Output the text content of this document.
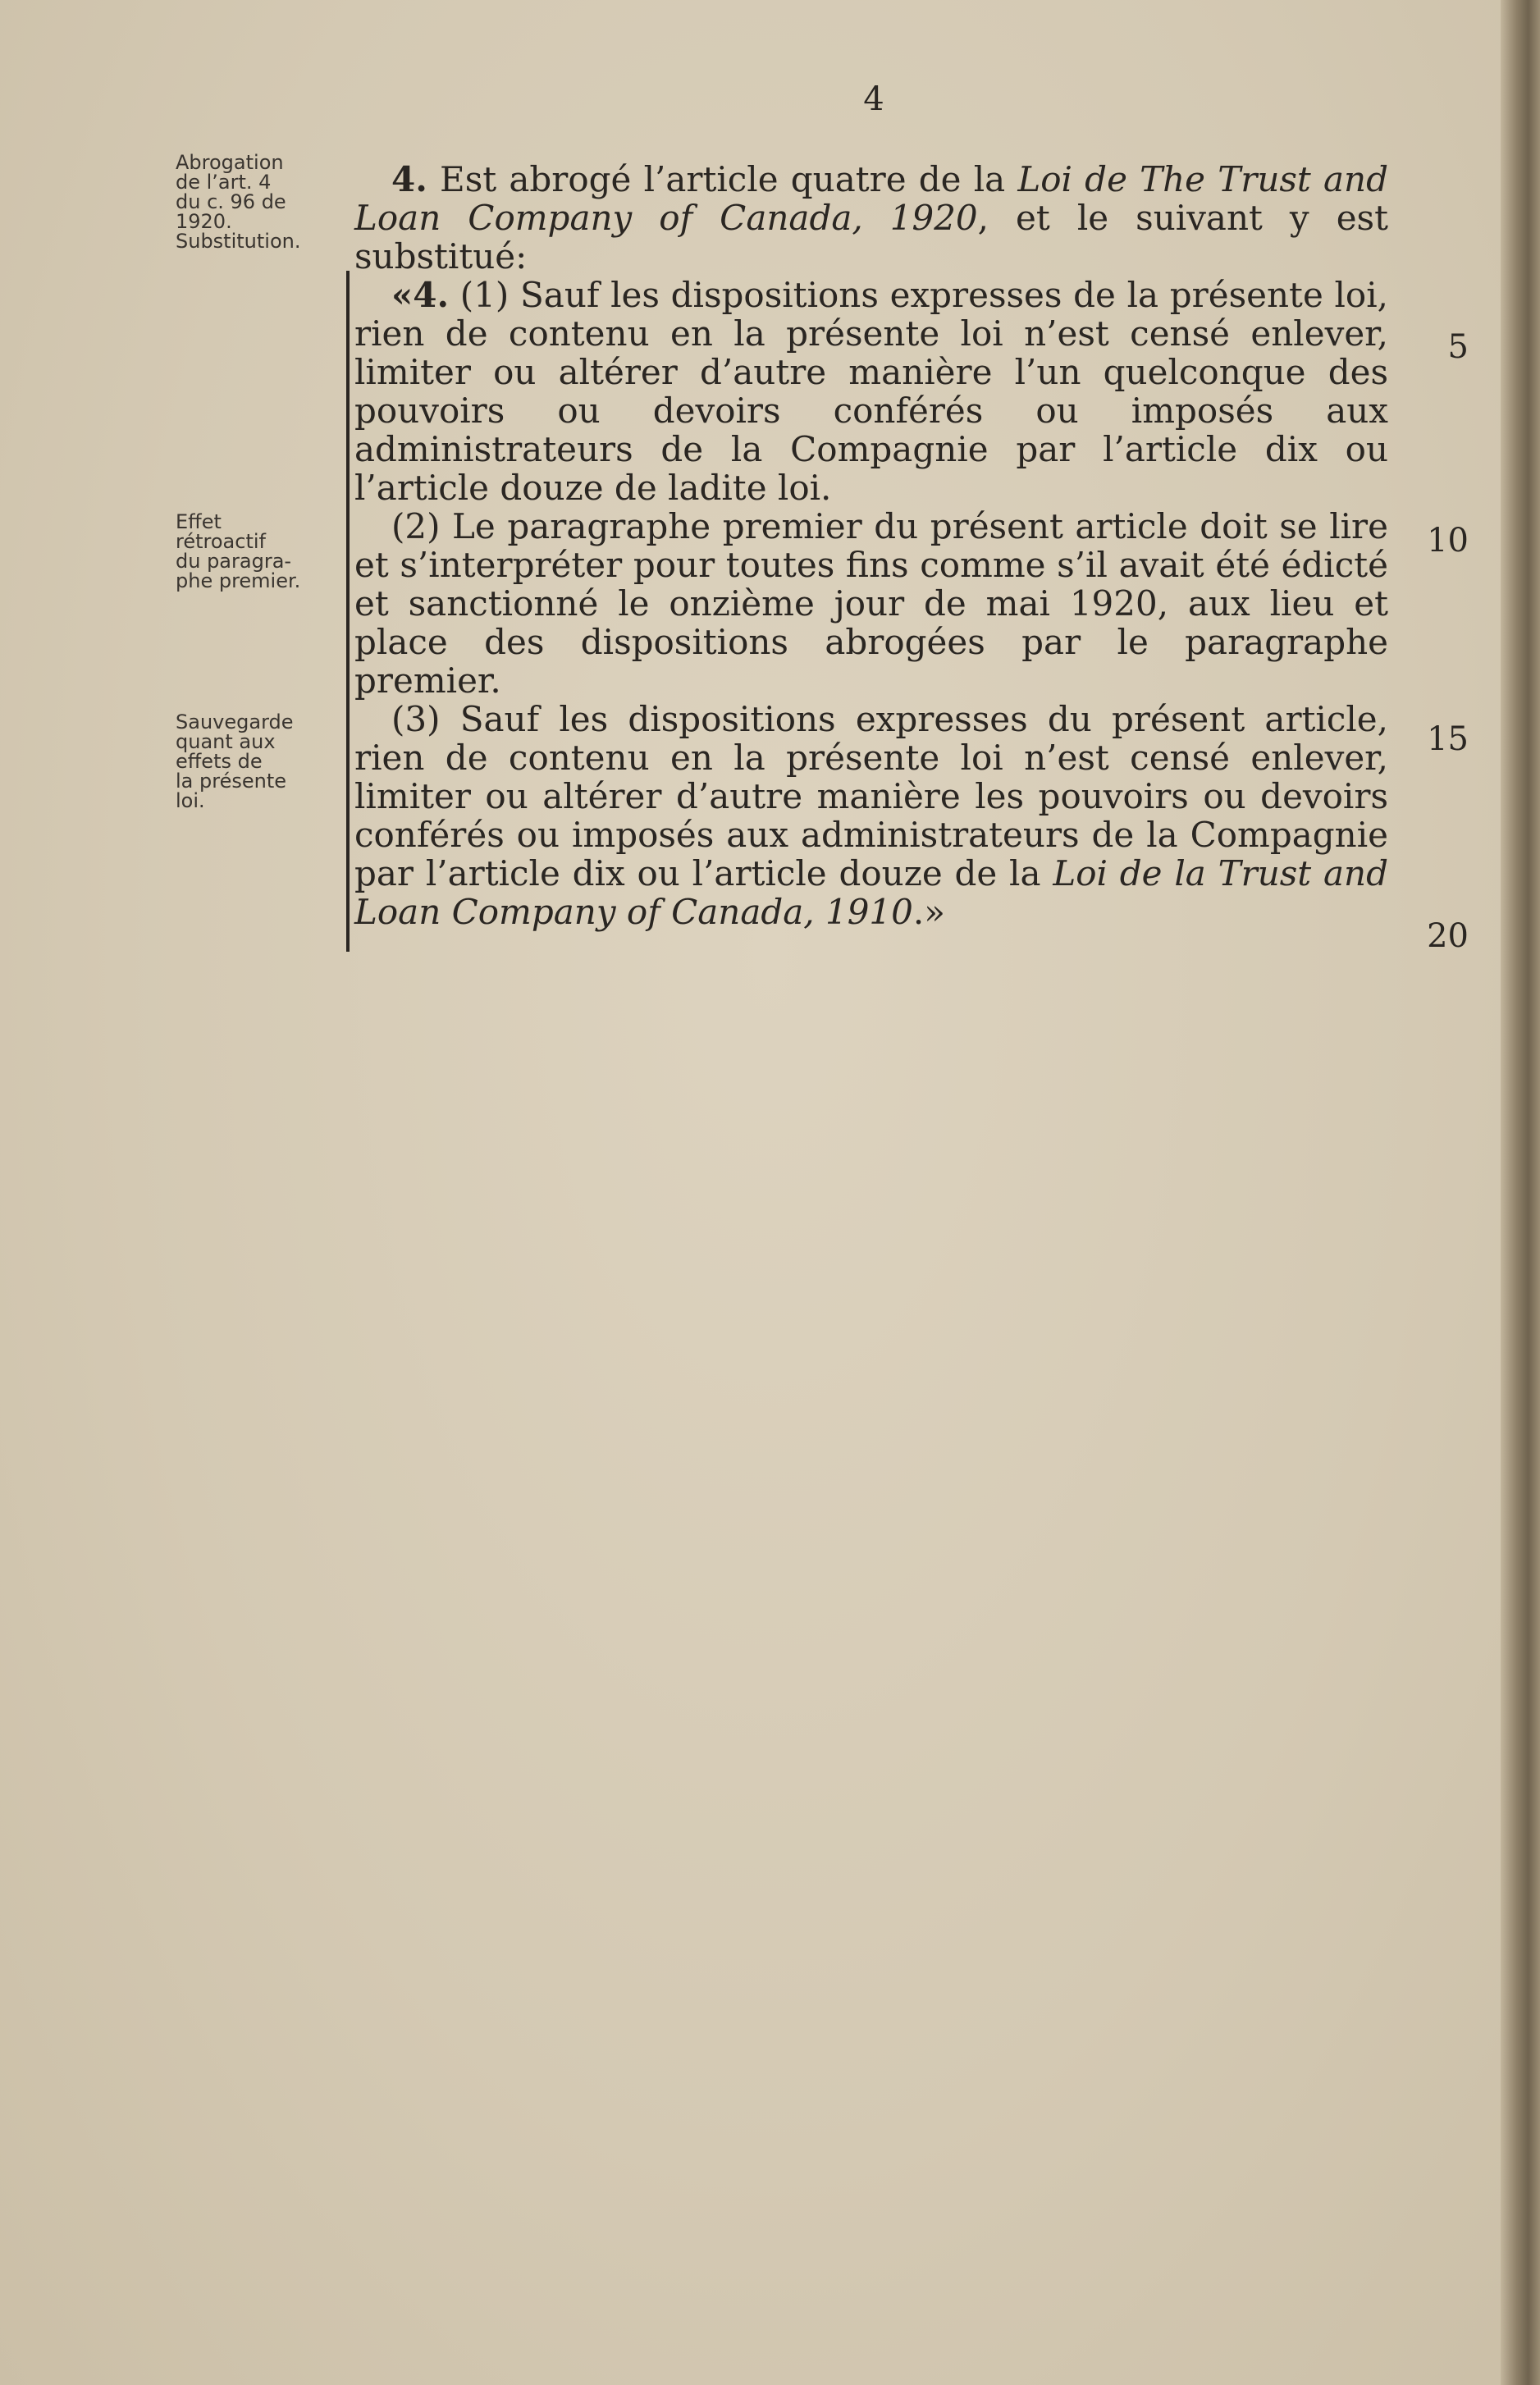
4
Abrogation
de l’art. 4
du c. 96 de
1920.
Substitution.
Effet
rétroactif
du paragra-
phe premier.
Sauvegarde
quant aux
effets de
la présente
loi.

4. Est abrogé l’article quatre de la Loi de The Trust and Loan Company of Canada, 1920, et le suivant y est substitué:

«4. (1) Sauf les dispositions expresses de la présente loi, rien de contenu en la présente loi n’est censé enlever, limiter ou altérer d’autre manière l’un quelconque des pouvoirs ou devoirs conférés ou imposés aux administrateurs de la Compagnie par l’article dix ou l’article douze de ladite loi.

(2) Le paragraphe premier du présent article doit se lire et s’interpréter pour toutes fins comme s’il avait été édicté et sanctionné le onzième jour de mai 1920, aux lieu et place des dispositions abrogées par le paragraphe premier.

(3) Sauf les dispositions expresses du présent article, rien de contenu en la présente loi n’est censé enlever, limiter ou altérer d’autre manière les pouvoirs ou devoirs conférés ou imposés aux administrateurs de la Compagnie par l’article dix ou l’article douze de la Loi de la Trust and Loan Company of Canada, 1910.»

5
10
15
20
